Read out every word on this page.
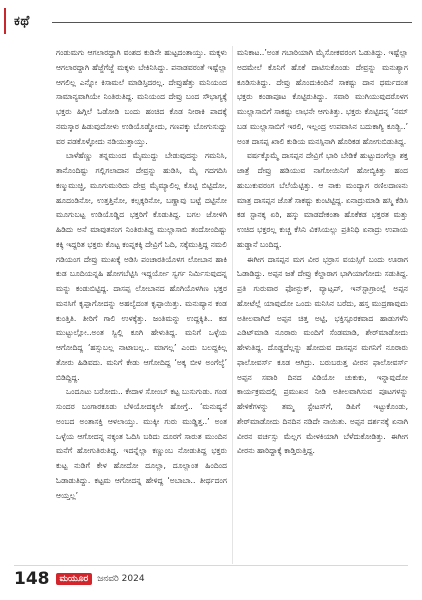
ಕಥೆ

ಗಂಡುಮಗು ಆಗಲಾರದ್ದಾಗಿ ವಂಶದ ಕುಡಿನೇ ಹುಟ್ಟದಂತಾಯ್ತು. ಮಕ್ಕಳು ಆಗಲಾರದ್ದಾಗಿ ಹೆಜ್ಜೆಗೆಜ್ಜೆ ಮಕ್ಕಳು ಬೇಕಿನಿಸಿದ್ದು. ಪನಾಡವರಂತೆ ಇಷ್ಟೆಲ್ಲಾ ಆಗಲಿಲ್ಲ ಎನ್ನೋ ಕಿಸಾಮಲೆ ಮಾಡಿಸ್ತಿದರಲ್ಲ. ದೇವ್ರುಹೆತ್ತು ಮನಿಯಂದ ಸಾಮಾನ್ಯವಾಗಿಯೇ ನಿಂತಿರುತಿದ್ದ. ಮನಿಯಂದ ದೇವ್ರು ಬಂದ ಸೌಭಾಗ್ಯಕ್ಕೆ ಭಕ್ತರು ಹಿಗ್ಗಿಲೆ ಓಡೋಡಿ ಬಂದು ಹಂಚಿದ ಕೊಡ ನೀರಾಕಿ ಪಾದಕ್ಕೆ ನಮಸ್ಕಾರ ಹಿಡುವುದೋಳು ಉಡಿಯೊಡ್ಡೋದು, ಗಣಪಕ್ಕು ಬೋಗುಸುದ್ದು ವರ ಪಡಕೊಳ್ಳೋದು ನಡಿಯುತ್ತಾಯ್ತು.

ಬಾಳೆಹೆಣ್ಣು ತನ್ನಮುಂದ ಮೈಮುದ್ದು ಬೇಡುವುದನ್ನು ಗಮನಿಸಿ, ತಾನೊಂದಿಷ್ಟು ಗಲ್ಲಿಗಲಾದಾನ ದೇವ್ರನ್ನು ಹುಡಿಸಿ, ಮೈ ಗದಗದಿಸಿ ಕಣ್ಮುಮುಚ್ಚಿ, ಮೂಗುಮುರಿದು ದೇವ್ರ ಮೈಮ್ಯಾಲಿಲ್ಲ ಕೊಟ್ಟಿ ಬಿಟ್ಟಿದೋ, ಹೂದಂಡಿನೋ, ಉತ್ತತ್ತಿನೋ, ಕಲ್ಸಕ್ಕರಿನೋ, ಬಣ್ಣಾವು ಬಟ್ಟೆ ದಟ್ಟಿನೋ ಮೂಗುಬಟ್ಟ ಉಡಿಯೊಡ್ಡಿದ ಭಕ್ತರಿಗೆ ಕೊಡುತಿದ್ದ. ಬಗಲ ಜೋಳಿಗಿ ಹಿಡಿದು ಅನೆ ಮಾವುತನಂಗ ನಿಂತಿರುತಿದ್ದ ಮುಲ್ಲಾಸಾಬಿ ತಂದೋಂದಿಷ್ಟು ಕಕ್ಕಿ ಇದ್ದರಿತ ಭಕ್ತರು ಕೊಟ್ಟ ಕಂಪ್ನಕಕ್ಕಿ ದೇವ್ರಿಗೆ ಓದಿ, ಸಕ್ಕೆಮುತ್ತಿದ್ದ ನಮಲಿ ಗಡಿಯಂಗ ದೇವ್ರು ಮುಖಕ್ಕೆ ಅಡಿಸಿ ಪಂಚಾರತಿಯೊಳಗ ಲೋಬಾನ ಹಾಕಿ ಕುಡ ಬೂದಿಯನ್ನಹಿ ಹೋಗಬೆಟ್ಟಿಸಿ ಇದ್ದರ್ಯೋ ಸ್ವರ್ಗ ನಿರ್ಮಿಸುವುದನ್ನ ಮನ್ನು ಕಂಡುಬಿಟ್ಟಿದ್ದ. ದಾಸಪ್ಪ ಲೋಬಾನದ ಹೊಗಿಯೊಳಗಿಣ ಭಕ್ತರ ಮನಸಿಗೆ ಕೃಪ್ಪಾಗೋದನ್ನು ಅಹಲ್ಯೆದಂತ ಕೃಪ್ಪಾಯಿತ್ತು. ಮನುಷ್ಯಾನ ಕಂಡ ಕುಂತ್ತಿತಿ. ತೀರಿಗೆ ಗಾಲಿ ಉಳಕ್ಕೆತ್ತು. ಜಂತಿಮನ್ನು ಉದ್ದಕ್ಕಿತಿ.. ಕಡ ಮುಟ್ಟುಲ್ಲೋ..ಅಂತ ಸ್ವಿಲ್ಲಿ ಕೂಗಿ ಹೇಳುತಿದ್ದ. ಮನಿಗೆ ಒಳ್ಳೆಯ ಆಗೋದಿದ್ದ ‘ಹಸ್ಸುಬಲ್ಲ ನಾಟಾಬಲ್ಲ.. ಮಾಗಲ್ಲ’ ಎಂದು ಬಲದ್ದಕಿಲ್ಲ ತೋರು ಹಿಡಿವದು. ಮನಿಗೆ ಕೇಡು ಆಗೋದಿದ್ದ ‘ಅಕ್ಕ ಬೀಳ ಅಂಗೆಲ್ಯೆ’ ಬಿಡಿದ್ದಿದ್ದ.

ಒಂದೂಟು ಬರೋದು.. ಕೇದಾಳ ಸೋಂಬ್ ಕಟ್ಟ ಬುಸುಗುಡು. ಗಂಡ ಸುಂದರ ಬಂಗಾರಕೂಡು ಬೆಳಿಯೋದಕ್ಕಲೇ ಹೋಗ್ತೆ.. ‘ಮನುಷ್ಯನೆ ಅಂಬದ ಅಂತಾಸಕ್ತಿ ಆಳಲಾಯ್ತು. ಮುಕ್ಕೀ ಗುರು ಮುಡ್ಡಿತ್ತ..’ ಅಂತ ಒಳ್ಳೆಯ ಆಗೋದನ್ನ ನಕ್ಕಂತ ಓದಿಸಿ ಬರಿದು ದೂರಗೆ ಸಾರುತ ಮುಂದಿನ ಮನೆಗೆ ಹೋಗುತಿರುತಿದ್ದ. ಇದನ್ನೆಲ್ಲಾ ಕಣ್ಣುಂಬ ನೋಡುತಿದ್ದ ಭಕ್ತರು ಕುಟ್ಟ ನುಡಿಗೆ ಕೇಳ ಹೋದೋ ದೂಲ್ಲಾ, ದೂಲ್ಲಾಂತ ಹಿಂದಿಂದ ಓಡಾಡುತಿದ್ದು. ಕಟ್ಟಮ ಆಗೋದನ್ನ ಹೇಳಿದ್ದ ‘ಅಬಾಬಾ.. ತೀರ್ಥದಂಗ ಆಯ್ತಲ್ಲ’

ಮನಿಕಾಟ..’ಅಂತ ಗಬಾರಿಯಾಗಿ ಮೈಸೋಕವರಂಗ ಓಡುತಿದ್ದು. ಇಷ್ಟೆಲ್ಲಾ ಅದಮೇಲೆ ಕೊನಿಗೆ ಹೊಕೆ ದಾಟಿಸುಕೊಂಡು ದೇವ್ರನ್ನು ಮನುಶ್ಯಾಗ ಕೂಡಿಸುತಿದ್ದು. ದೇವ್ರು ಹೊಂದುಕಿಂದಿನೆ ಸಾಕಷ್ಟು ದಾನ ಧರ್ಮದಂತ ಭಕ್ತರು ಕಂಡಾಪೂಟ ಕೊಟ್ಟಿರುತಿದ್ದು. ಸವಾರಿ ಮುಗಿಯುವುದರೊಳಗ ಮುಲ್ಲಾಸಾಬಿಗೆ ಸಾಕಷ್ಟು ಲಾಭನೇ ಆಗುತಿತ್ತು. ಭಕ್ತರು ಕೊಟ್ಟಿದನ್ನ ‘ನಮ್ ಬಡ ಮುಲ್ಲಾಸಾಬಿಗೆ ಇರಲಿ, ಇಲ್ಲಂದ್ರ ಉಪವಾಸಿನ ಬದುಕಾಗ್ಯಿ ಕೂಡ್ಬಿ..’ ಅಂತ ದಾಸಪ್ಪ ಖಾಲಿ ಕುಡಿಯ ಮನಸ್ಸಿನಾಗಿ ಹೊರಿಕಡ ಹೋಗುಬಿಡುತಿದ್ದ.

ವರ್ಷಕ್ಕೊಮ್ಮೆ ದಾಸಪ್ಪನ ದೇವ್ರಿಗೆ ಭಾರಿ ಬೇಡಿಕೆ ಹುಟ್ಟುದಂಗೆಲ್ಲಾ ಶಕ್ತ ಜಾತ್ರೆ ದೇವ್ರು ಹಡಿಯುವ ನಾಗೋಯಿನಿಗೆ ಹೋಬ್ಯಿಕಿತ್ತು ಹಂದ ಹುಬುಕುವರಂಗ ಬೆಲೆಯೆಟ್ಟಿತ್ತು. ಆ ನಾಕು ಮಂದ್ಯಾಗ ರಣಿಲದಾಣನು ಮಾತ್ರ ದಾಸಪ್ಪನ ಜೊತೆ ಸಾಕಷ್ಟು ಕುಂಟಿಟ್ಟಿದ್ದ. ಏನಾದ್ರುಮಾಡಿ ಹಸ್ಮಿ ಕೆಡಿಸಿ ಕಡ ಸ್ಟಾನಕ್ಕ ಏರಿ, ಹಸ್ಕು ಮಾಡದೇಕಂತಾ ಹೊಕೆಕಡ ಭಕ್ತರತ ಮತ್ತು ಉಚಿದ ಭಕ್ತರಲ್ಲ ಕುಚ್ಚ ಕೆಸಿನಿ ವಿಕಸಿಯಲ್ಲು ಪ್ರತಿನಿಧಿ ಏನಾದ್ರು ಉಪಾಯ ಹುಡ್ಡಾನೆ ಬಂದಿದ್ದ.

ಈಗೀಗ ದಾಸಪ್ಪನ ಮಗ ವೀರ ಭರ್ರಾಸ ವಯಸ್ಸಿಗೆ ಬಂದು ಊರಾಗ ಓಡಾಡಿದ್ದು. ಅಪ್ಪನ ಜತೆ ದೇವ್ರು ಕೆಲ್ದಾರಾಗ ಭಾಗಿಯಾಗೋದು ಸಡುತಿದ್ದ. ಪ್ರತಿ ಗುರುವಾರ ಫೋನ್ಬುಕ್, ವ್ಯಾಟ್ಸಪ್, ಇನ್‌ಸ್ಟಾಗ್ರಾಂಲ್ಲೆ ಅಪ್ಪನ ಹೋಟೆಲ್ಲೆ ಯಾವುದೋ ಒಂದು ಮನಿಸಿನ ಬರೆದು, ಹಸ್ತ ಮುದ್ರಣಾವುದು ಅತೀಲವಾಗಿದೆ ಅಪ್ಪನ ಚಿತ್ತ ಅಟ್ಟಿ, ಭಕ್ತಿಸ್ಪೂರಕವಾದ ಹಾಡುಗಳೆನಿ ಎಡಿಟ್‌ಮಾಡಿ ನೂರಾರು ಮಂದಿಗೆ ಸೆಂಡಮಾಡಿ, ಶೇರ್‌ಮಾಡೋದು ಹೇಳುತಿದ್ದ. ದೊಡ್ಡದೆಲ್ಲನ್ನು ಹೋದುವ ದಾಸಪ್ಪನ ಮಗನಿಗೆ ನೂರಾರು ಫಾಲೋವರ್ಸ್ ಕೂಡ ಆಗಿದ್ರು. ಬರುಬರುತ್ತ ವೀರನ ಫಾಲೋವರ್ಸ್ ಅಪ್ಪನ ಸವಾರಿ ದಿನದ ವಿಡಿಯೋ ಚುಕುಕು, ಇನ್ನಾವುದೋ ಕಾರ್ಯಕ್ರಮದಲ್ಲಿ ಪ್ರಮುಖನ ನೀಡಿ ಅತೀಲವಾಗಿಸುವ ಪೂಟಗಳನ್ನು ಹೇಳಿಕೆಗಳನ್ನು ತಮ್ಮ ಸ್ಟೇಟಸ್‌ಗೆ, ಡಿಪಿಗೆ ಇಟ್ಟುಕೊಂಡು, ಶೇರ್‌ಮಾಡೋದು ದಿನದಿನ ನಡಿದೇ ನಾಯಿತು. ಅಪ್ಪನ ದರ್ಶನಕ್ಕೆ ಏನಾಗಿ ವೀರನ ವರ್ಚಸ್ಸು ಮೆಲ್ಲಗ ಮೇಳಕಿಯಾಗಿ ಬೆಳೆದುಕೋಡಿತ್ತು. ಈಗೀಗ ವೀರನು ಹಾರಿದ್ದಾಕ್ಕೆ ಕಾಡ್ತಿರುತ್ತಿದ್ದ.

148	ಮಯೂರ	ಜನವರಿ 2024
